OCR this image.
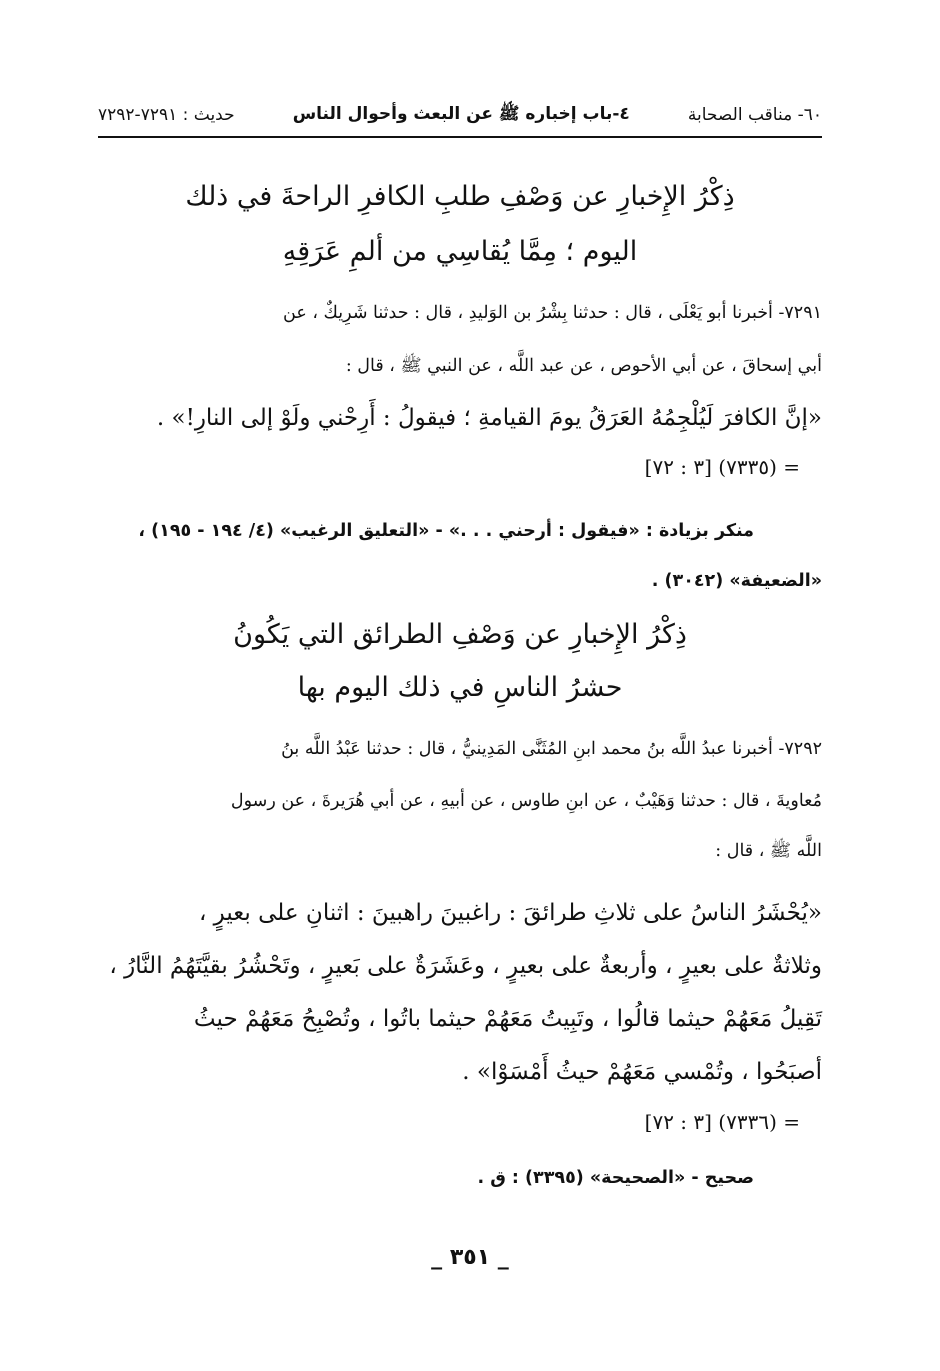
٦٠- مناقب الصحابة
٤-باب إخباره ﷺ عن البعث وأحوال الناس
حديث : ٧٢٩١-٧٢٩٢
ذِكْرُ الإِخبارِ عن وَصْفِ طلبِ الكافرِ الراحةَ في ذلك
اليوم ؛ مِمَّا يُقاسِي من ألمِ عَرَقِهِ
٧٢٩١- أخبرنا أبو يَعْلَى ، قال : حدثنا بِشْرُ بن الوَليدِ ، قال : حدثنا شَرِيكٌ ، عن
أبي إسحاقَ ، عن أبي الأحوص ، عن عبد اللَّه ، عن النبي ﷺ ، قال :
«إنَّ الكافرَ لَيُلْجِمُهُ العَرَقُ يومَ القيامةِ ؛ فيقولُ : أَرِحْني ولَوْ إلى النارِ!» .
= (٧٣٣٥) [٣ : ٧٢]
منكر بزيادة : «فيقول : أرحني . . .» - «التعليق الرغيب» (٤/ ١٩٤ - ١٩٥) ،
«الضعيفة» (٣٠٤٢) .
ذِكْرُ الإِخبارِ عن وَصْفِ الطرائق التي يَكُونُ
حشرُ الناسِ في ذلك اليوم بها
٧٢٩٢- أخبرنا عبدُ اللَّه بنُ محمد ابنِ المُثَنَّى المَدِينيُّ ، قال : حدثنا عَبْدُ اللَّه بنُ
مُعاويةَ ، قال : حدثنا وَهَيْبٌ ، عن ابنِ طاوس ، عن أبيهِ ، عن أبي هُرَيرةَ ، عن رسول
اللَّه ﷺ ، قال :
«يُحْشَرُ الناسُ على ثلاثِ طرائقَ : راغبينَ راهبينَ : اثنانِ على بعيرٍ ،
وثلاثةٌ على بعيرٍ ، وأربعةٌ على بعيرٍ ، وعَشَرَةٌ على بَعيرٍ ، وتَحْشُرُ بقيَّتَهُمُ النَّارُ ،
تَقِيلُ مَعَهُمْ حيثما قالُوا ، وتَبِيتُ مَعَهُمْ حيثما باتُوا ، وتُصْبِحُ مَعَهُمْ حيثُ
أصبَحُوا ، وتُمْسي مَعَهُمْ حيثُ أَمْسَوْا» .
= (٧٣٣٦) [٣ : ٧٢]
صحيح - «الصحيحة» (٣٣٩٥) : ق .
_ ٣٥١ _
